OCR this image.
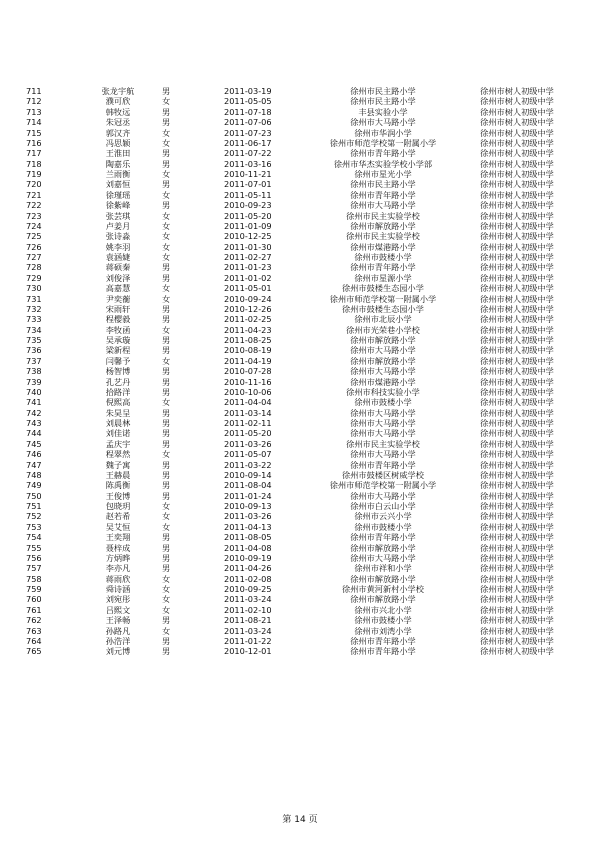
711	张龙宇航	男	2011-03-19	徐州市民主路小学	徐州市树人初级中学
712	濮可欣	女	2011-05-05	徐州市民主路小学	徐州市树人初级中学
713	韩牧远	男	2011-07-18	丰县实验小学	徐州市树人初级中学
714	朱冠丞	男	2011-07-06	徐州市大马路小学	徐州市树人初级中学
715	郭汉齐	女	2011-07-23	徐州市华润小学	徐州市树人初级中学
716	冯思颖	女	2011-06-17	徐州市师范学校第一附属小学	徐州市树人初级中学
717	王淮田	男	2011-07-22	徐州市青年路小学	徐州市树人初级中学
718	陶嘉乐	男	2011-03-16	徐州市华杰实验学校小学部	徐州市树人初级中学
719	兰雨衡	女	2010-11-21	徐州市星光小学	徐州市树人初级中学
720	刘嘉恒	男	2011-07-01	徐州市民主路小学	徐州市树人初级中学
721	徐瑾瑶	女	2011-05-11	徐州市青年路小学	徐州市树人初级中学
722	徐紫峰	男	2010-09-23	徐州市大马路小学	徐州市树人初级中学
723	张芸琪	女	2011-05-20	徐州市民主实验学校	徐州市树人初级中学
724	卢姜月	女	2011-01-09	徐州市解放路小学	徐州市树人初级中学
725	张诗淼	女	2010-12-25	徐州市民主实验学校	徐州市树人初级中学
726	姚李羽	女	2011-01-30	徐州市煤港路小学	徐州市树人初级中学
727	袁涵婕	女	2011-02-27	徐州市鼓楼小学	徐州市树人初级中学
728	蒋硕秦	男	2011-01-23	徐州市青年路小学	徐州市树人初级中学
729	刘俊泽	男	2011-01-02	徐州市星源小学	徐州市树人初级中学
730	高嘉慧	女	2011-05-01	徐州市鼓楼生态园小学	徐州市树人初级中学
731	尹奕蘅	女	2010-09-24	徐州市师范学校第一附属小学	徐州市树人初级中学
732	宋雨轩	男	2010-12-26	徐州市鼓楼生态园小学	徐州市树人初级中学
733	程樱毅	男	2011-02-25	徐州市北辰小学	徐州市树人初级中学
734	李牧函	女	2011-04-23	徐州市光荣巷小学校	徐州市树人初级中学
735	吴承璇	男	2011-08-25	徐州市解放路小学	徐州市树人初级中学
736	梁新程	男	2010-08-19	徐州市大马路小学	徐州市树人初级中学
737	闫馨予	女	2011-04-19	徐州市解放路小学	徐州市树人初级中学
738	杨智博	男	2010-07-28	徐州市大马路小学	徐州市树人初级中学
739	孔艺丹	男	2010-11-16	徐州市煤港路小学	徐州市树人初级中学
740	拾路洋	男	2010-10-06	徐州市科技实验小学	徐州市树人初级中学
741	倪熙高	女	2011-04-04	徐州市鼓楼小学	徐州市树人初级中学
742	朱昊呈	男	2011-03-14	徐州市大马路小学	徐州市树人初级中学
743	刘晨林	男	2011-02-11	徐州市大马路小学	徐州市树人初级中学
744	刘佳诺	男	2011-05-20	徐州市大马路小学	徐州市树人初级中学
745	孟庆宇	男	2011-03-26	徐州市民主实验学校	徐州市树人初级中学
746	程翠然	女	2011-05-07	徐州市大马路小学	徐州市树人初级中学
747	魏子寓	男	2011-03-22	徐州市青年路小学	徐州市树人初级中学
748	王赫晨	男	2010-09-14	徐州市鼓楼区树威学校	徐州市树人初级中学
749	陈禹衡	男	2011-08-04	徐州市师范学校第一附属小学	徐州市树人初级中学
750	王俊博	男	2011-01-24	徐州市大马路小学	徐州市树人初级中学
751	包晓玥	女	2010-09-13	徐州市白云山小学	徐州市树人初级中学
752	赵若希	女	2011-03-26	徐州市云兴小学	徐州市树人初级中学
753	吴艾恒	女	2011-04-13	徐州市鼓楼小学	徐州市树人初级中学
754	王奕翔	男	2011-08-05	徐州市青年路小学	徐州市树人初级中学
755	聂梓成	男	2011-04-08	徐州市解放路小学	徐州市树人初级中学
756	方炳晔	男	2010-09-19	徐州市大马路小学	徐州市树人初级中学
757	李亦凡	男	2011-04-26	徐州市祥和小学	徐州市树人初级中学
758	蒋雨欣	女	2011-02-08	徐州市解放路小学	徐州市树人初级中学
759	舜诗涵	女	2010-09-25	徐州市黄河新村小学校	徐州市树人初级中学
760	刘宛彤	女	2011-03-24	徐州市解放路小学	徐州市树人初级中学
761	吕熙文	女	2011-02-10	徐州市兴北小学	徐州市树人初级中学
762	王泽畅	男	2011-08-21	徐州市鼓楼小学	徐州市树人初级中学
763	孙路凡	女	2011-03-24	徐州市刘湾小学	徐州市树人初级中学
764	孙浩洋	男	2011-01-22	徐州市青年路小学	徐州市树人初级中学
765	刘元博	男	2010-12-01	徐州市青年路小学	徐州市树人初级中学
第 14 页
